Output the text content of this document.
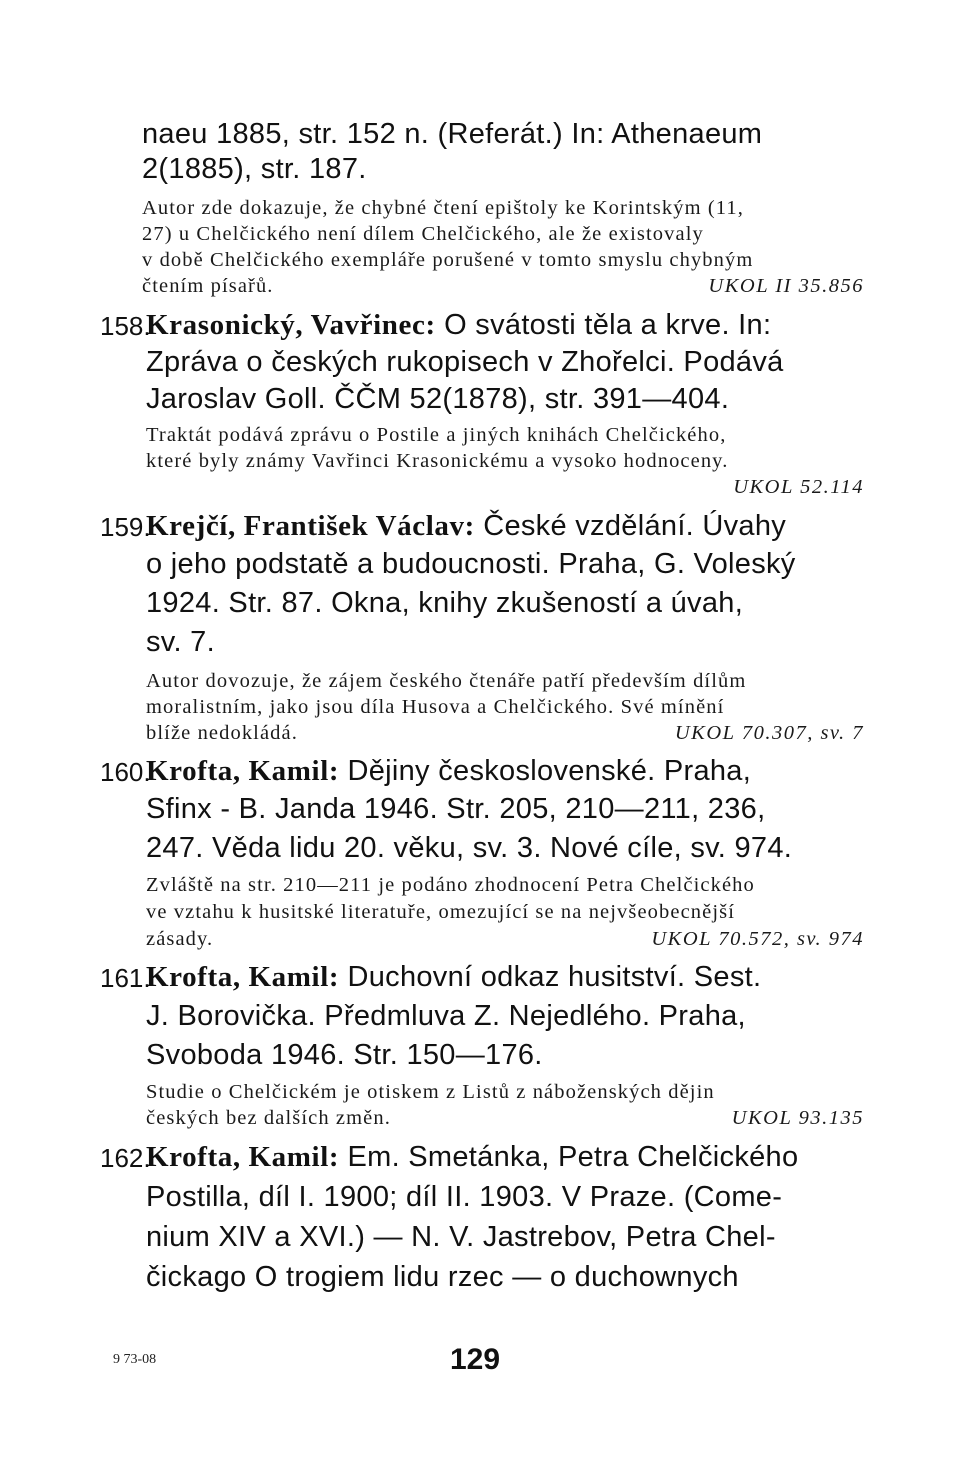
naeu 1885, str. 152 n. (Referát.) In: Athenaeum
2(1885), str. 187.
Autor zde dokazuje, že chybné čtení epištoly ke Korintským (11,
27) u Chelčického není dílem Chelčického, ale že existovaly
v době Chelčického exempláře porušené v tomto smyslu chybným
čtením písařů.	UKOL II 35.856
158.
Krasonický, Vavřinec: O svátosti těla a krve. In:
Zpráva o českých rukopisech v Zhořelci. Podává
Jaroslav Goll. ČČM 52(1878), str. 391—404.
Traktát podává zprávu o Postile a jiných knihách Chelčického,
které byly známy Vavřinci Krasonickému a vysoko hodnoceny.
UKOL 52.114
159.
Krejčí, František Václav: České vzdělání. Úvahy
o jeho podstatě a budoucnosti. Praha, G. Voleský
1924. Str. 87. Okna, knihy zkušeností a úvah,
sv. 7.
Autor dovozuje, že zájem českého čtenáře patří především dílům
moralistním, jako jsou díla Husova a Chelčického. Své mínění
blíže nedokládá.	UKOL 70.307, sv. 7
160.
Krofta, Kamil: Dějiny československé. Praha,
Sfinx - B. Janda 1946. Str. 205, 210—211, 236,
247. Věda lidu 20. věku, sv. 3. Nové cíle, sv. 974.
Zvláště na str. 210—211 je podáno zhodnocení Petra Chelčického
ve vztahu k husitské literatuře, omezující se na nejvšeobecnější
zásady.	UKOL 70.572, sv. 974
161.
Krofta, Kamil: Duchovní odkaz husitství. Sest.
J. Borovička. Předmluva Z. Nejedlého. Praha,
Svoboda 1946. Str. 150—176.
Studie o Chelčickém je otiskem z Listů z náboženských dějin
českých bez dalších změn.	UKOL 93.135
162.
Krofta, Kamil: Em. Smetánka, Petra Chelčického
Postilla, díl I. 1900; díl II. 1903. V Praze. (Come-
nium XIV a XVI.) — N. V. Jastrebov, Petra Chel-
čickago O trogiem lidu rzec — o duchownych
9 73-08	129
